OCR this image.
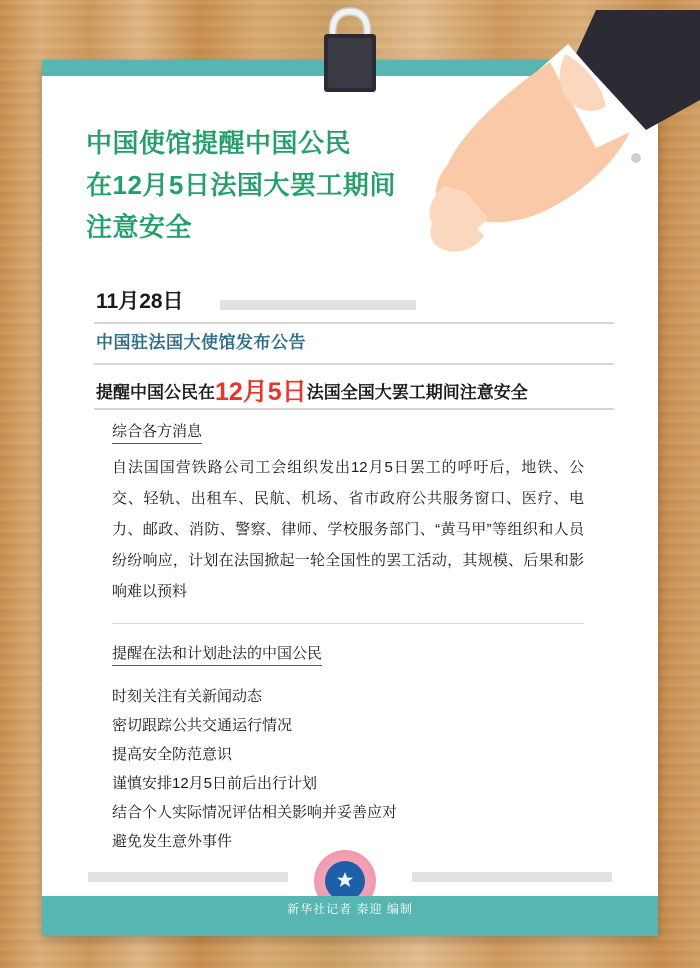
中国使馆提醒中国公民
在12月5日法国大罢工期间
注意安全
11月28日
中国驻法国大使馆发布公告
提醒中国公民在12月5日法国全国大罢工期间注意安全
综合各方消息
自法国国营铁路公司工会组织发出12月5日罢工的呼吁后，地铁、公交、轻轨、出租车、民航、机场、省市政府公共服务窗口、医疗、电力、邮政、消防、警察、律师、学校服务部门、“黄马甲”等组织和人员纷纷响应，计划在法国掀起一轮全国性的罢工活动，其规模、后果和影响难以预料
提醒在法和计划赴法的中国公民
时刻关注有关新闻动态
密切跟踪公共交通运行情况
提高安全防范意识
谨慎安排12月5日前后出行计划
结合个人实际情况评估相关影响并妥善应对
避免发生意外事件
新华社记者 秦迎 编制
